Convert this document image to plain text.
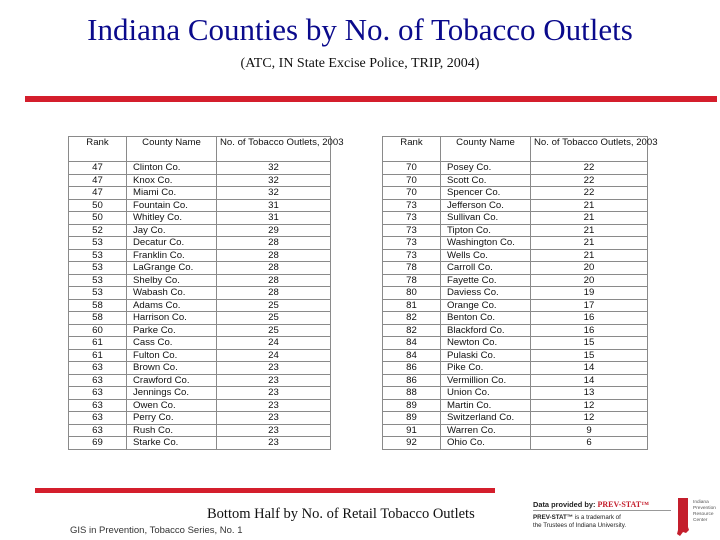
Indiana Counties by No. of Tobacco Outlets
(ATC, IN State Excise Police, TRIP, 2004)
Rank	County Name	No. of Tobacco Outlets, 2003
47	Clinton Co.	32
47	Knox Co.	32
47	Miami Co.	32
50	Fountain Co.	31
50	Whitley Co.	31
52	Jay Co.	29
53	Decatur Co.	28
53	Franklin Co.	28
53	LaGrange Co.	28
53	Shelby Co.	28
53	Wabash Co.	28
58	Adams Co.	25
58	Harrison Co.	25
60	Parke Co.	25
61	Cass Co.	24
61	Fulton Co.	24
63	Brown Co.	23
63	Crawford Co.	23
63	Jennings Co.	23
63	Owen Co.	23
63	Perry Co.	23
63	Rush Co.	23
69	Starke Co.	23
Rank	County Name	No. of Tobacco Outlets, 2003
70	Posey Co.	22
70	Scott Co.	22
70	Spencer Co.	22
73	Jefferson Co.	21
73	Sullivan Co.	21
73	Tipton Co.	21
73	Washington Co.	21
73	Wells Co.	21
78	Carroll Co.	20
78	Fayette Co.	20
80	Daviess Co.	19
81	Orange Co.	17
82	Benton Co.	16
82	Blackford Co.	16
84	Newton Co.	15
84	Pulaski Co.	15
86	Pike Co.	14
86	Vermillion Co.	14
88	Union Co.	13
89	Martin Co.	12
89	Switzerland Co.	12
91	Warren Co.	9
92	Ohio Co.	6
Bottom Half by No. of Retail Tobacco Outlets
GIS in Prevention, Tobacco Series, No. 1
Data provided by: PREV-STAT™
PREV-STAT™ is a trademark of
the Trustees of Indiana University.
Indiana
Prevention
Resource
Center
